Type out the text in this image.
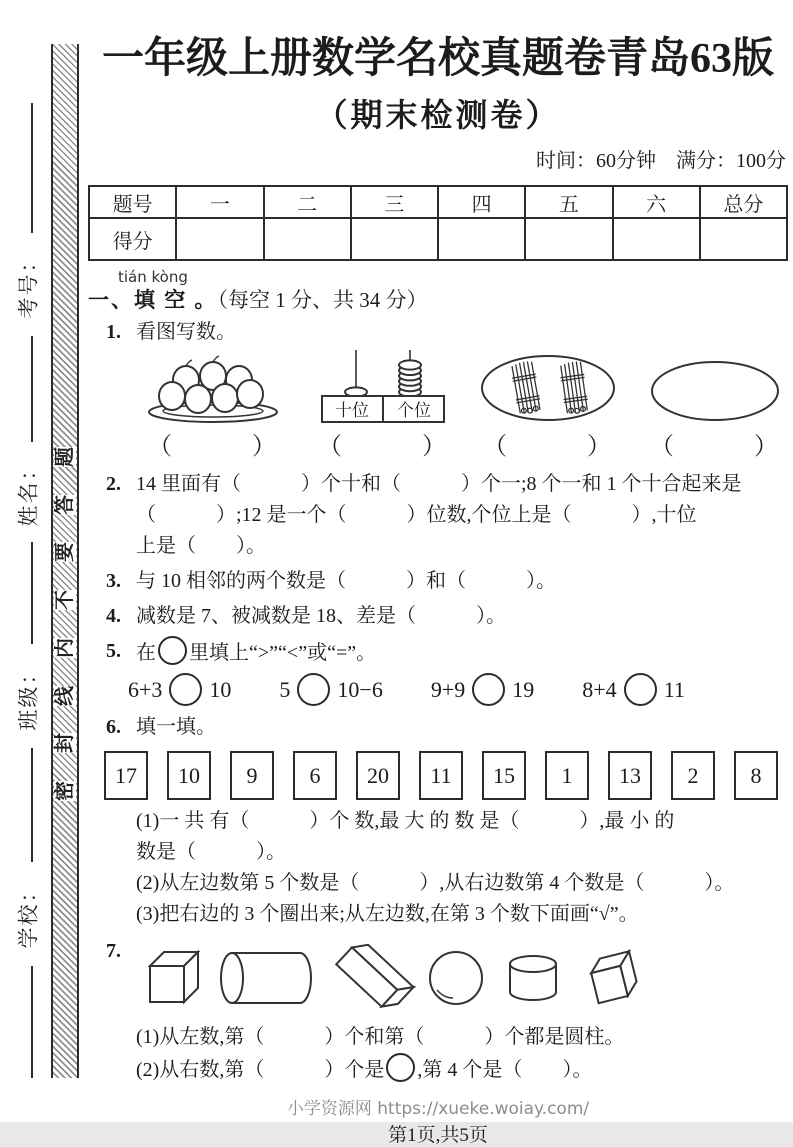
考号：
姓名：
班级：
学校：
题
答
要
不
内
线
封
密
一年级上册数学名校真题卷青岛63版
（期末检测卷）
时间：60分钟　满分：100分
题号	一	二	三	四	五	六	总分
得分							
tián kòng
一、填 空 。（每空 1 分、共 34 分）
1. 看图写数。
（　　　）
十位 个位
（　　　） （　　　） （　　　）
2. 14 里面有（　　　）个十和（　　　）个一;8 个一和 1 个十合起来是
（　　　）;12 是一个（　　　）位数,个位上是（　　　）,十位
上是（　　）。
3. 与 10 相邻的两个数是（　　　）和（　　　）。
4. 减数是 7、被减数是 18、差是（　　　）。
5. 在 里填上“>”“<”或“=”。
6+3 10 5 10−6 9+9 19 8+4 11
6. 填一填。
17	10	9	6	20	11	15	1	13	2	8
(1)一 共 有（　　　）个 数,最 大 的 数 是（　　　）,最 小 的
数是（　　　）。
(2)从左边数第 5 个数是（　　　）,从右边数第 4 个数是（　　　）。
(3)把右边的 3 个圈出来;从左边数,在第 3 个数下面画“√”。
7.
(1)从左数,第（　　　）个和第（　　　）个都是圆柱。
(2)从右数,第（　　　）个是 ,第 4 个是（　　）。
小学资源网 https://xueke.woiay.com/
第1页,共5页
